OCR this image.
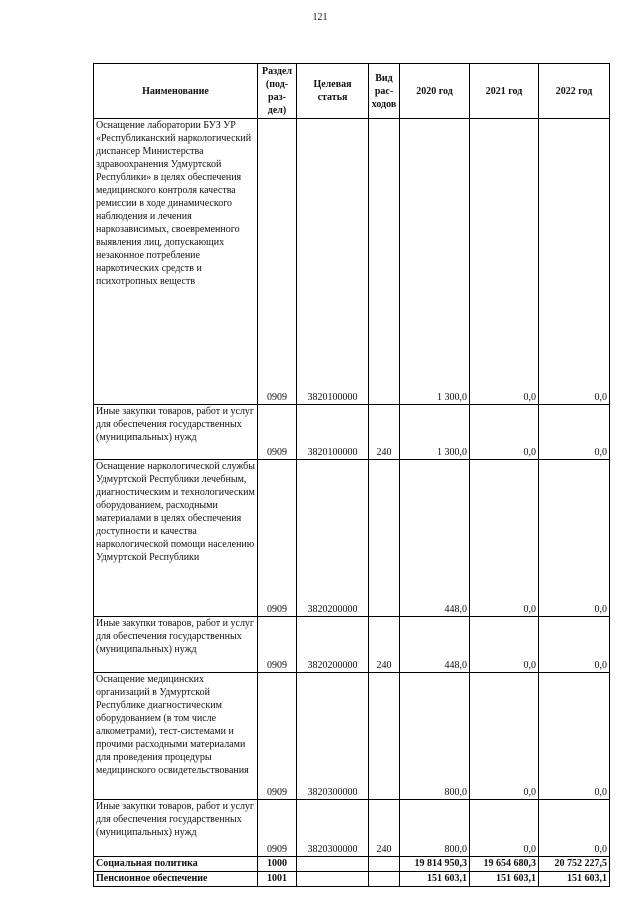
121
Наименование	Раздел (под-раз-дел)	Целевая статья	Вид рас-ходов	2020 год	2021 год	2022 год
Оснащение лаборатории БУЗ УР «Республиканский наркологический диспансер Министерства здравоохранения Удмуртской Республики» в целях обеспечения медицинского контроля качества ремиссии в ходе динамического наблюдения и лечения наркозависимых, своевременного выявления лиц, допускающих незаконное потребление наркотических средств и психотропных веществ	0909	3820100000		1 300,0	0,0	0,0
Иные закупки товаров, работ и услуг для обеспечения государственных (муниципальных) нужд	0909	3820100000	240	1 300,0	0,0	0,0
Оснащение наркологической службы Удмуртской Республики лечебным, диагностическим и технологическим оборудованием, расходными материалами в целях обеспечения доступности и качества наркологической помощи населению Удмуртской Республики	0909	3820200000		448,0	0,0	0,0
Иные закупки товаров, работ и услуг для обеспечения государственных (муниципальных) нужд	0909	3820200000	240	448,0	0,0	0,0
Оснащение медицинских организаций в Удмуртской Республике диагностическим оборудованием (в том числе алкометрами), тест-системами и прочими расходными материалами для проведения процедуры медицинского освидетельствования	0909	3820300000		800,0	0,0	0,0
Иные закупки товаров, работ и услуг для обеспечения государственных (муниципальных) нужд	0909	3820300000	240	800,0	0,0	0,0
Социальная политика	1000			19 814 950,3	19 654 680,3	20 752 227,5
Пенсионное обеспечение	1001			151 603,1	151 603,1	151 603,1
